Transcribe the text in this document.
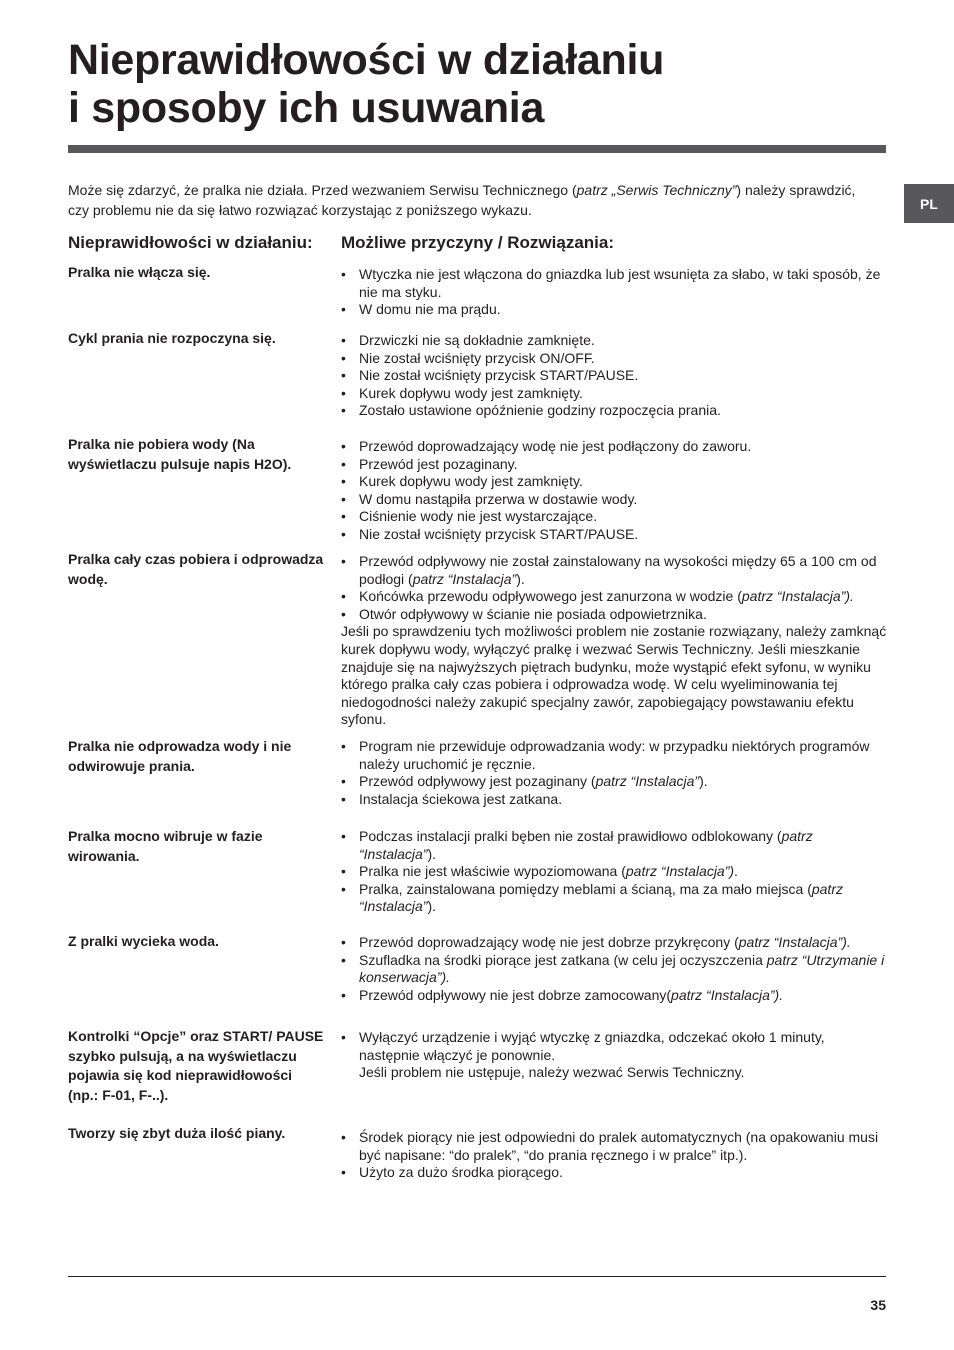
Nieprawidłowości w działaniu
i sposoby ich usuwania
PL
Może się zdarzyć, że pralka nie działa. Przed wezwaniem Serwisu Technicznego (patrz „Serwis Techniczny”) należy sprawdzić, czy problemu nie da się łatwo rozwiązać korzystając z poniższego wykazu.
Nieprawidłowości w działaniu: Możliwe przyczyny / Rozwiązania:
Pralka nie włącza się.	• Wtyczka nie jest włączona do gniazdka lub jest wsunięta za słabo, w taki sposób, że nie ma styku.
• W domu nie ma prądu.
Cykl prania nie rozpoczyna się.	• Drzwiczki nie są dokładnie zamknięte.
• Nie został wciśnięty przycisk ON/OFF.
• Nie został wciśnięty przycisk START/PAUSE.
• Kurek dopływu wody jest zamknięty.
• Zostało ustawione opóźnienie godziny rozpoczęcia prania.
Pralka nie pobiera wody (Na wyświetlaczu pulsuje napis H2O).
• Przewód doprowadzający wodę nie jest podłączony do zaworu.
• Przewód jest pozaginany.
• Kurek dopływu wody jest zamknięty.
• W domu nastąpiła przerwa w dostawie wody.
• Ciśnienie wody nie jest wystarczające.
• Nie został wciśnięty przycisk START/PAUSE.
Pralka cały czas pobiera i odprowadza wodę.
• Przewód odpływowy nie został zainstalowany na wysokości między 65 a 100 cm od podłogi (patrz “Instalacja”).
• Końcówka przewodu odpływowego jest zanurzona w wodzie (patrz “Instalacja”).
• Otwór odpływowy w ścianie nie posiada odpowietrznika.
Jeśli po sprawdzeniu tych możliwości problem nie zostanie rozwiązany, należy zamknąć kurek dopływu wody, wyłączyć pralkę i wezwać Serwis Techniczny. Jeśli mieszkanie znajduje się na najwyższych piętrach budynku, może wystąpić efekt syfonu, w wyniku którego pralka cały czas pobiera i odprowadza wodę. W celu wyeliminowania tej niedogodności należy zakupić specjalny zawór, zapobiegający powstawaniu efektu syfonu.
Pralka nie odprowadza wody i nie odwirowuje prania.
• Program nie przewiduje odprowadzania wody: w przypadku niektórych programów należy uruchomić je ręcznie.
• Przewód odpływowy jest pozaginany (patrz “Instalacja”).
• Instalacja ściekowa jest zatkana.
Pralka mocno wibruje w fazie wirowania.
• Podczas instalacji pralki bęben nie został prawidłowo odblokowany (patrz “Instalacja”).
• Pralka nie jest właściwie wypoziomowana (patrz “Instalacja”).
• Pralka, zainstalowana pomiędzy meblami a ścianą, ma za mało miejsca (patrz “Instalacja”).
Z pralki wycieka woda.	• Przewód doprowadzający wodę nie jest dobrze przykręcony (patrz “Instalacja”).
• Szufladka na środki piorące jest zatkana (w celu jej oczyszczenia patrz “Utrzymanie i konserwacja”).
• Przewód odpływowy nie jest dobrze zamocowany(patrz “Instalacja”).
Kontrolki “Opcje” oraz START/ PAUSE szybko pulsują, a na wyświetlaczu pojawia się kod nieprawidłowości (np.: F-01, F-..).
• Wyłączyć urządzenie i wyjąć wtyczkę z gniazdka, odczekać około 1 minuty, następnie włączyć je ponownie.
Jeśli problem nie ustępuje, należy wezwać Serwis Techniczny.
Tworzy się zbyt duża ilość piany.	• Środek piorący nie jest odpowiedni do pralek automatycznych (na opakowaniu musi być napisane: “do pralek”, “do prania ręcznego i w pralce” itp.).
• Użyto za dużo środka piorącego.
35
